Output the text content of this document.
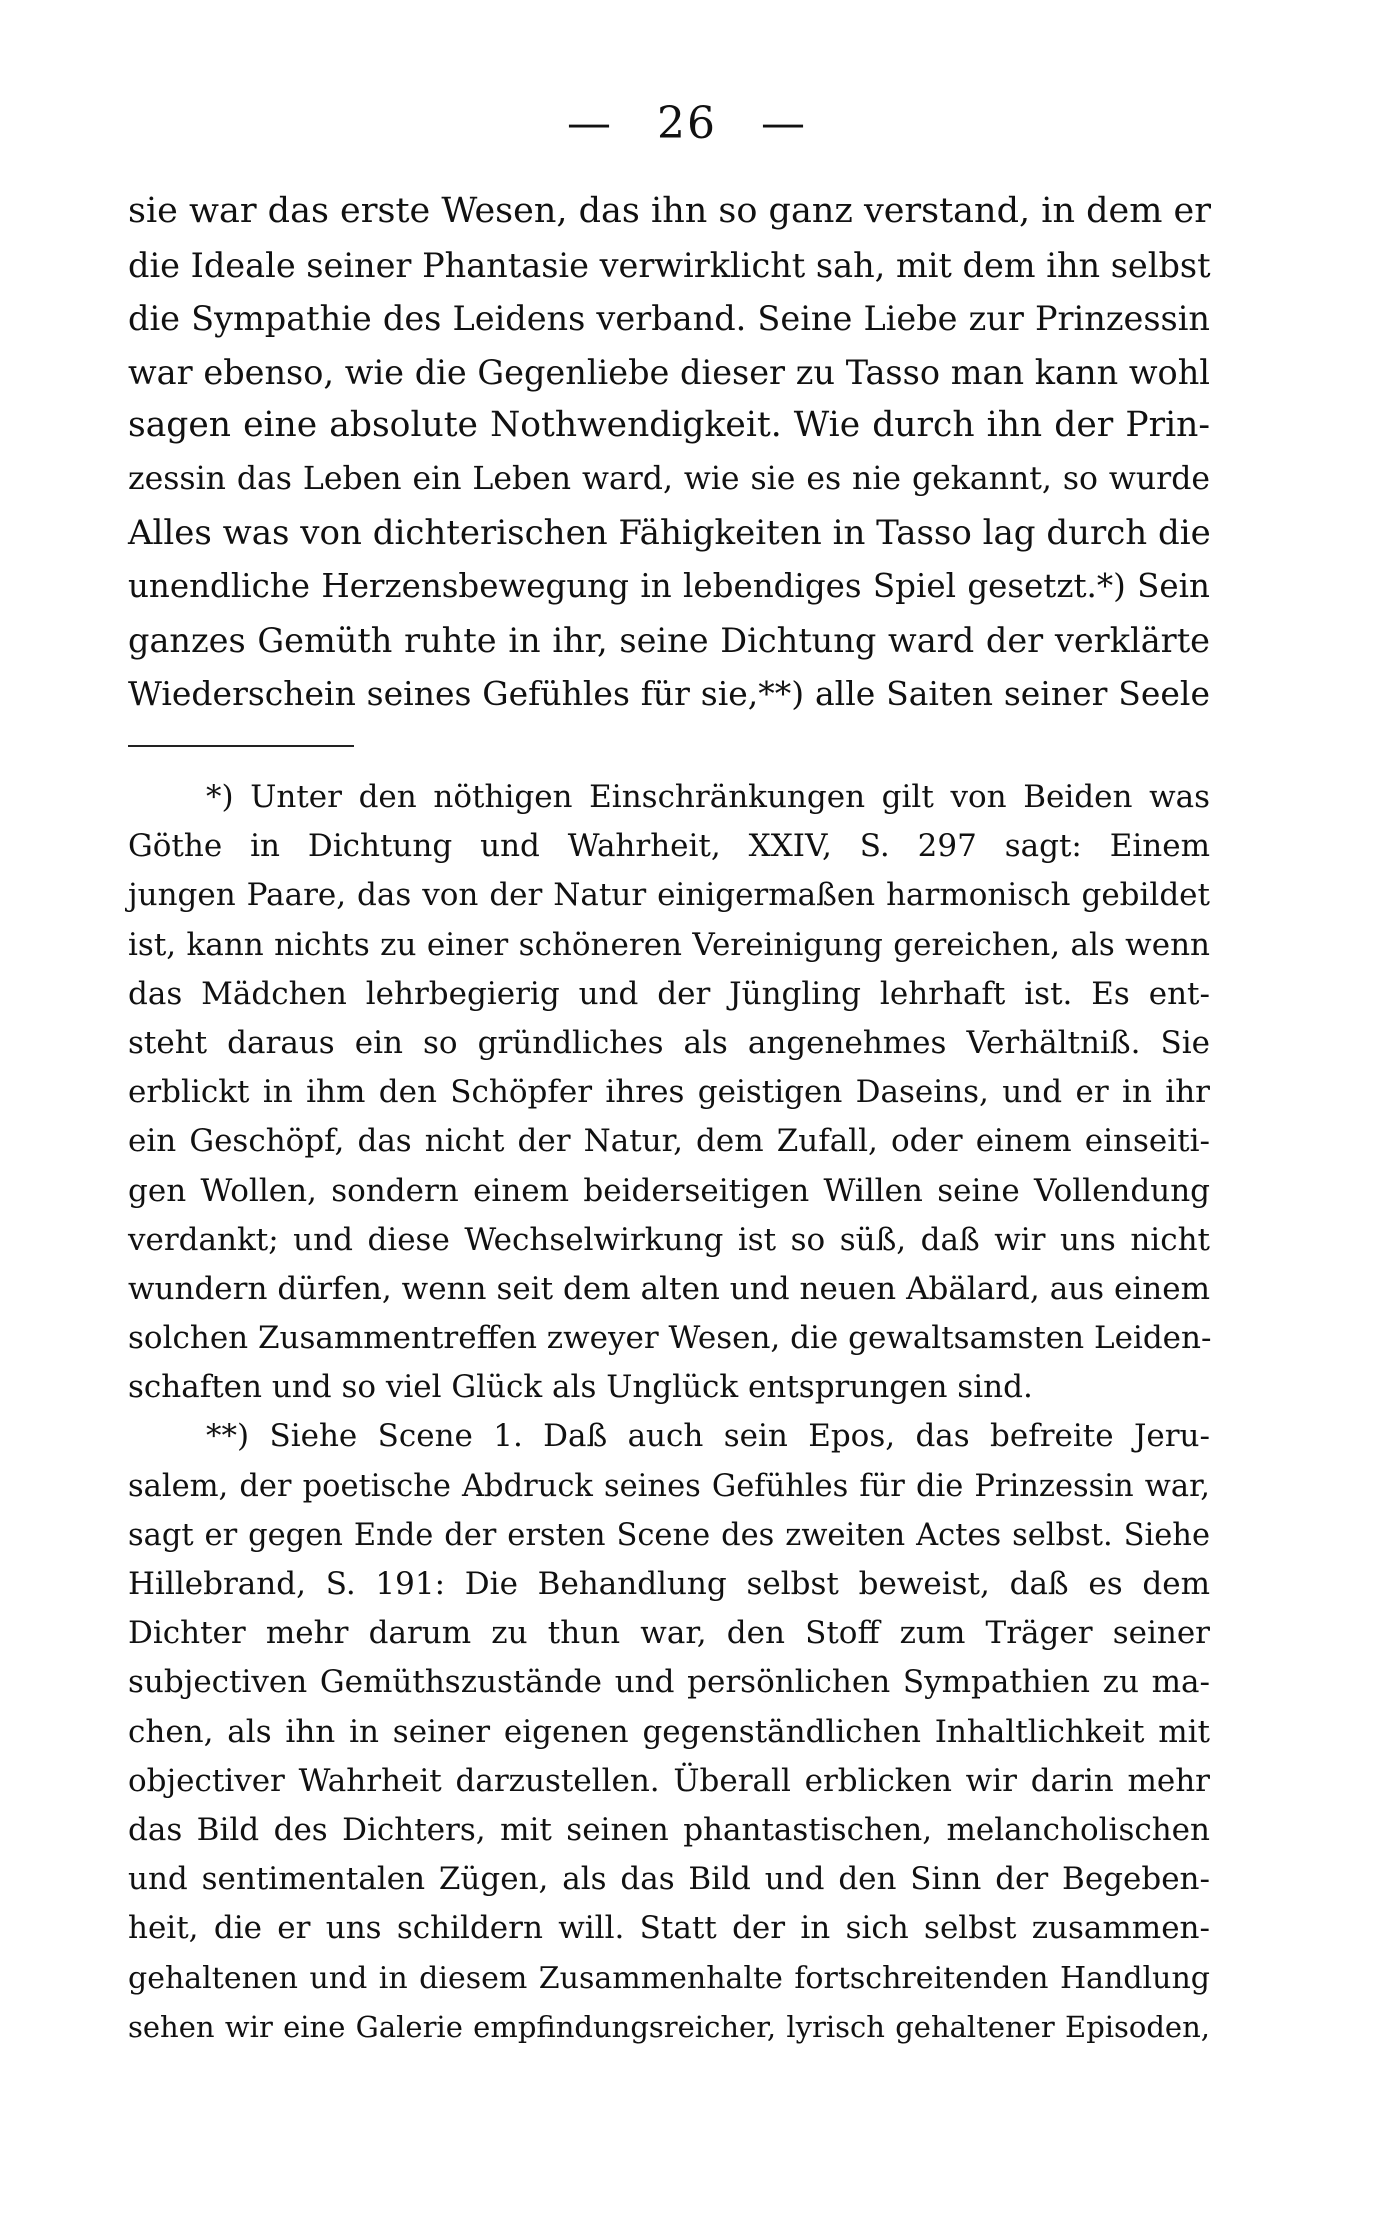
— 26 —
sie war das erste Wesen, das ihn so ganz verstand, in dem er
die Ideale seiner Phantasie verwirklicht sah, mit dem ihn selbst
die Sympathie des Leidens verband. Seine Liebe zur Prinzessin
war ebenso, wie die Gegenliebe dieser zu Tasso man kann wohl
sagen eine absolute Nothwendigkeit. Wie durch ihn der Prin-
zessin das Leben ein Leben ward, wie sie es nie gekannt, so wurde
Alles was von dichterischen Fähigkeiten in Tasso lag durch die
unendliche Herzensbewegung in lebendiges Spiel gesetzt.*) Sein
ganzes Gemüth ruhte in ihr, seine Dichtung ward der verklärte
Wiederschein seines Gefühles für sie,**) alle Saiten seiner Seele
*) Unter den nöthigen Einschränkungen gilt von Beiden was
Göthe in Dichtung und Wahrheit, XXIV, S. 297 sagt: Einem
jungen Paare, das von der Natur einigermaßen harmonisch gebildet
ist, kann nichts zu einer schöneren Vereinigung gereichen, als wenn
das Mädchen lehrbegierig und der Jüngling lehrhaft ist. Es ent-
steht daraus ein so gründliches als angenehmes Verhältniß. Sie
erblickt in ihm den Schöpfer ihres geistigen Daseins, und er in ihr
ein Geschöpf, das nicht der Natur, dem Zufall, oder einem einseiti-
gen Wollen, sondern einem beiderseitigen Willen seine Vollendung
verdankt; und diese Wechselwirkung ist so süß, daß wir uns nicht
wundern dürfen, wenn seit dem alten und neuen Abälard, aus einem
solchen Zusammentreffen zweyer Wesen, die gewaltsamsten Leiden-
schaften und so viel Glück als Unglück entsprungen sind.
**) Siehe Scene 1. Daß auch sein Epos, das befreite Jeru-
salem, der poetische Abdruck seines Gefühles für die Prinzessin war,
sagt er gegen Ende der ersten Scene des zweiten Actes selbst. Siehe
Hillebrand, S. 191: Die Behandlung selbst beweist, daß es dem
Dichter mehr darum zu thun war, den Stoff zum Träger seiner
subjectiven Gemüthszustände und persönlichen Sympathien zu ma-
chen, als ihn in seiner eigenen gegenständlichen Inhaltlichkeit mit
objectiver Wahrheit darzustellen. Überall erblicken wir darin mehr
das Bild des Dichters, mit seinen phantastischen, melancholischen
und sentimentalen Zügen, als das Bild und den Sinn der Begeben-
heit, die er uns schildern will. Statt der in sich selbst zusammen-
gehaltenen und in diesem Zusammenhalte fortschreitenden Handlung
sehen wir eine Galerie empfindungsreicher, lyrisch gehaltener Episoden,
